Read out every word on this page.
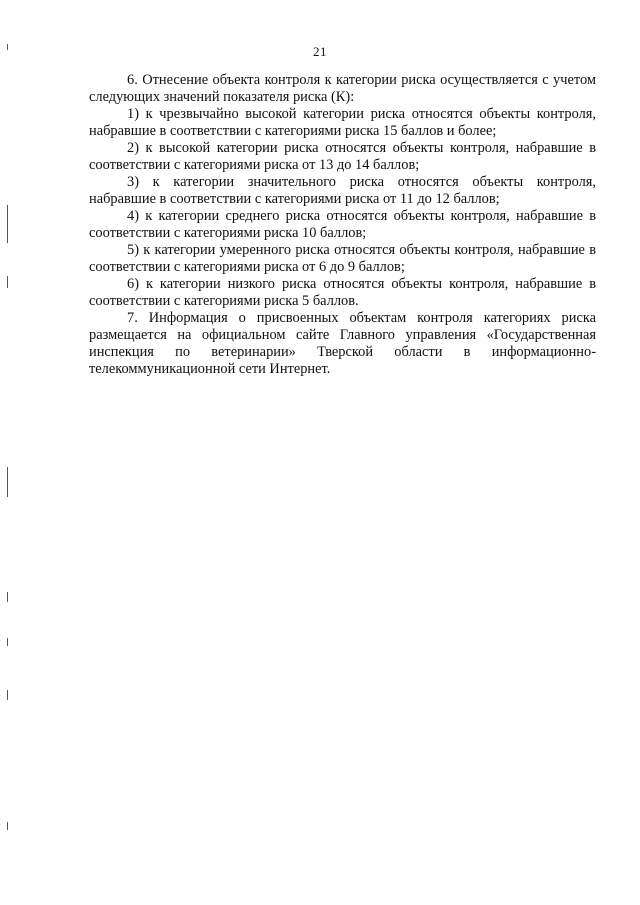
21

6. Отнесение объекта контроля к категории риска осуществляется с учетом следующих значений показателя риска (К):

1) к чрезвычайно высокой категории риска относятся объекты контроля, набравшие в соответствии с категориями риска 15 баллов и более;

2) к высокой категории риска относятся объекты контроля, набравшие в соответствии с категориями риска от 13 до 14 баллов;

3) к категории значительного риска относятся объекты контроля, набравшие в соответствии с категориями риска от 11 до 12 баллов;

4) к категории среднего риска относятся объекты контроля, набравшие в соответствии с категориями риска 10 баллов;

5) к категории умеренного риска относятся объекты контроля, набравшие в соответствии с категориями риска от 6 до 9 баллов;

6) к категории низкого риска относятся объекты контроля, набравшие в соответствии с категориями риска 5 баллов.

7. Информация о присвоенных объектам контроля категориях риска размещается на официальном сайте Главного управления «Государственная инспекция по ветеринарии» Тверской области в информационно-телекоммуникационной сети Интернет.
